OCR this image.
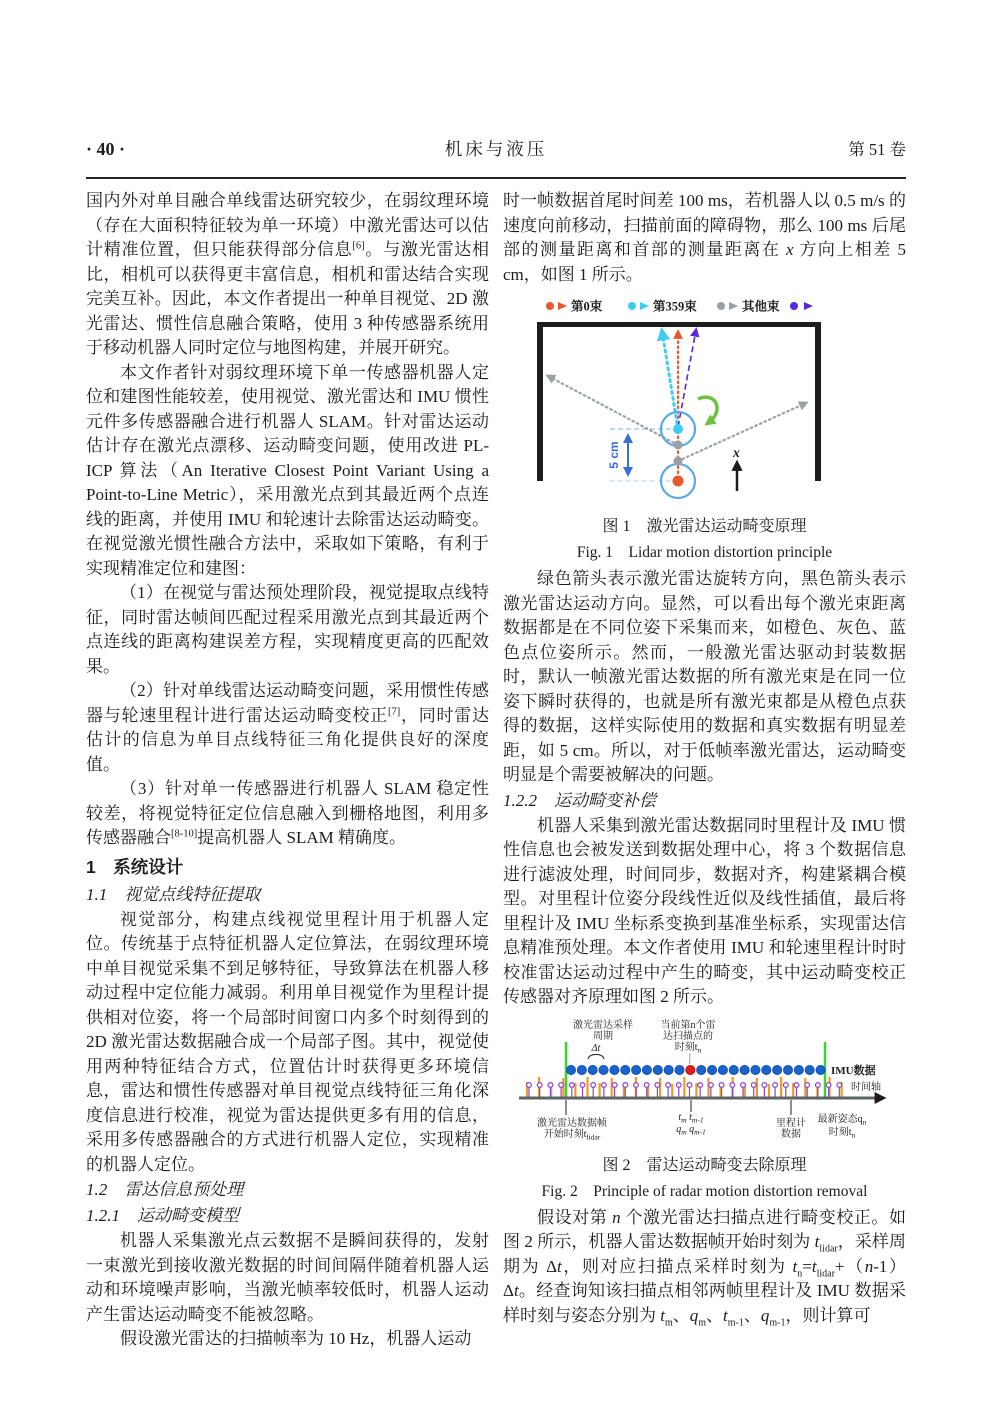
· 40 ·	机床与液压	第 51 卷

国内外对单目融合单线雷达研究较少，在弱纹理环境（存在大面积特征较为单一环境）中激光雷达可以估计精准位置，但只能获得部分信息[6]。与激光雷达相比，相机可以获得更丰富信息，相机和雷达结合实现完美互补。因此，本文作者提出一种单目视觉、2D 激光雷达、惯性信息融合策略，使用 3 种传感器系统用于移动机器人同时定位与地图构建，并展开研究。

本文作者针对弱纹理环境下单一传感器机器人定位和建图性能较差，使用视觉、激光雷达和 IMU 惯性元件多传感器融合进行机器人 SLAM。针对雷达运动估计存在激光点漂移、运动畸变问题，使用改进 PL-ICP 算法（An Iterative Closest Point Variant Using a Point-to-Line Metric），采用激光点到其最近两个点连线的距离，并使用 IMU 和轮速计去除雷达运动畸变。在视觉激光惯性融合方法中，采取如下策略，有利于实现精准定位和建图：

（1）在视觉与雷达预处理阶段，视觉提取点线特征，同时雷达帧间匹配过程采用激光点到其最近两个点连线的距离构建误差方程，实现精度更高的匹配效果。

（2）针对单线雷达运动畸变问题，采用惯性传感器与轮速里程计进行雷达运动畸变校正[7]，同时雷达估计的信息为单目点线特征三角化提供良好的深度值。

（3）针对单一传感器进行机器人 SLAM 稳定性较差，将视觉特征定位信息融入到栅格地图，利用多传感器融合[8-10]提高机器人 SLAM 精确度。

1　系统设计
1.1　视觉点线特征提取

视觉部分，构建点线视觉里程计用于机器人定位。传统基于点特征机器人定位算法，在弱纹理环境中单目视觉采集不到足够特征，导致算法在机器人移动过程中定位能力减弱。利用单目视觉作为里程计提供相对位姿，将一个局部时间窗口内多个时刻得到的 2D 激光雷达数据融合成一个局部子图。其中，视觉使用两种特征结合方式，位置估计时获得更多环境信息，雷达和惯性传感器对单目视觉点线特征三角化深度信息进行校准，视觉为雷达提供更多有用的信息，采用多传感器融合的方式进行机器人定位，实现精准的机器人定位。

1.2　雷达信息预处理
1.2.1　运动畸变模型

机器人采集激光点云数据不是瞬间获得的，发射一束激光到接收激光数据的时间间隔伴随着机器人运动和环境噪声影响，当激光帧率较低时，机器人运动产生雷达运动畸变不能被忽略。

假设激光雷达的扫描帧率为 10 Hz，机器人运动

时一帧数据首尾时间差 100 ms，若机器人以 0.5 m/s 的速度向前移动，扫描前面的障碍物，那么 100 ms 后尾部的测量距离和首部的测量距离在 x 方向上相差 5 cm，如图 1 所示。

第0束	第359束	其他束
5 cm	x
图 1　激光雷达运动畸变原理
Fig. 1　Lidar motion distortion principle

绿色箭头表示激光雷达旋转方向，黑色箭头表示激光雷达运动方向。显然，可以看出每个激光束距离数据都是在不同位姿下采集而来，如橙色、灰色、蓝色点位姿所示。然而，一般激光雷达驱动封装数据时，默认一帧激光雷达数据的所有激光束是在同一位姿下瞬时获得的，也就是所有激光束都是从橙色点获得的数据，这样实际使用的数据和真实数据有明显差距，如 5 cm。所以，对于低帧率激光雷达，运动畸变明显是个需要被解决的问题。

1.2.2　运动畸变补偿

机器人采集到激光雷达数据同时里程计及 IMU 惯性信息也会被发送到数据处理中心，将 3 个数据信息进行滤波处理，时间同步，数据对齐，构建紧耦合模型。对里程计位姿分段线性近似及线性插值，最后将里程计及 IMU 坐标系变换到基准坐标系，实现雷达信息精准预处理。本文作者使用 IMU 和轮速里程计时时校准雷达运动过程中产生的畸变，其中运动畸变校正传感器对齐原理如图 2 所示。

激光雷达采样
周期
Δt
当前第n个雷
达扫描点的
时刻$t_n$
IMU数据
时间轴
激光雷达数据帧
开始时刻$t_{lidar}$
$t_m$ $t_{m-1}$
$q_m$ $q_{m-1}$
里程计
数据
最新姿态$q_n$
时刻$t_n$
图 2　雷达运动畸变去除原理
Fig. 2　Principle of radar motion distortion removal

假设对第 n 个激光雷达扫描点进行畸变校正。如图 2 所示，机器人雷达数据帧开始时刻为 $t_{lidar}$，采样周期为 Δt，则对应扫描点采样时刻为 $t_n=t_{lidar}+(n-1)\Delta t$。经查询知该扫描点相邻两帧里程计及 IMU 数据采样时刻与姿态分别为 $t_m$、$q_m$、$t_{m-1}$、$q_{m-1}$，则计算可
